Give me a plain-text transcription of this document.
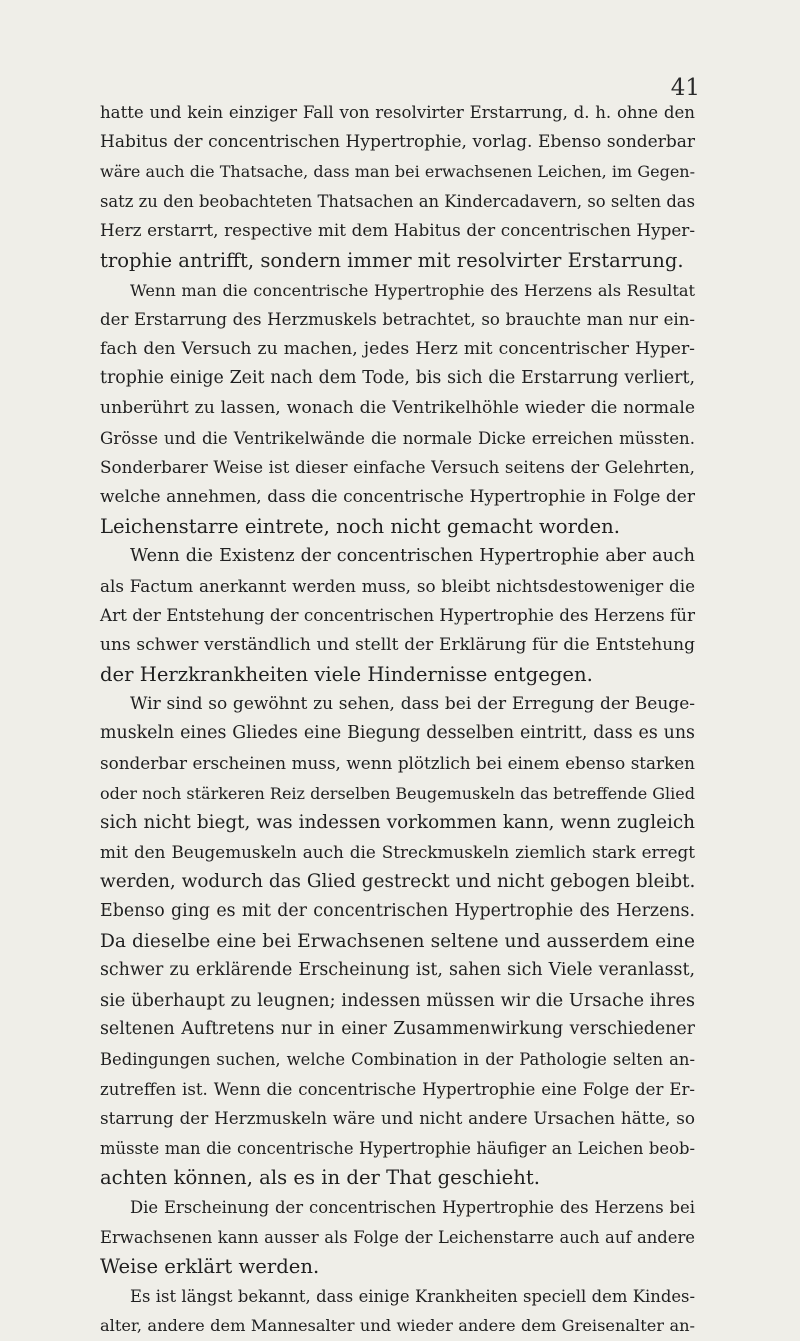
41
hatte und kein einziger Fall von resolvirter Erstarrung, d. h. ohne den
Habitus der concentrischen Hypertrophie, vorlag. Ebenso sonderbar
wäre auch die Thatsache, dass man bei erwachsenen Leichen, im Gegen-
satz zu den beobachteten Thatsachen an Kindercadavern, so selten das
Herz erstarrt, respective mit dem Habitus der concentrischen Hyper-
trophie antrifft, sondern immer mit resolvirter Erstarrung.
Wenn man die concentrische Hypertrophie des Herzens als Resultat
der Erstarrung des Herzmuskels betrachtet, so brauchte man nur ein-
fach den Versuch zu machen, jedes Herz mit concentrischer Hyper-
trophie einige Zeit nach dem Tode, bis sich die Erstarrung verliert,
unberührt zu lassen, wonach die Ventrikelhöhle wieder die normale
Grösse und die Ventrikelwände die normale Dicke erreichen müssten.
Sonderbarer Weise ist dieser einfache Versuch seitens der Gelehrten,
welche annehmen, dass die concentrische Hypertrophie in Folge der
Leichenstarre eintrete, noch nicht gemacht worden.
Wenn die Existenz der concentrischen Hypertrophie aber auch
als Factum anerkannt werden muss, so bleibt nichtsdestoweniger die
Art der Entstehung der concentrischen Hypertrophie des Herzens für
uns schwer verständlich und stellt der Erklärung für die Entstehung
der Herzkrankheiten viele Hindernisse entgegen.
Wir sind so gewöhnt zu sehen, dass bei der Erregung der Beuge-
muskeln eines Gliedes eine Biegung desselben eintritt, dass es uns
sonderbar erscheinen muss, wenn plötzlich bei einem ebenso starken
oder noch stärkeren Reiz derselben Beugemuskeln das betreffende Glied
sich nicht biegt, was indessen vorkommen kann, wenn zugleich
mit den Beugemuskeln auch die Streckmuskeln ziemlich stark erregt
werden, wodurch das Glied gestreckt und nicht gebogen bleibt.
Ebenso ging es mit der concentrischen Hypertrophie des Herzens.
Da dieselbe eine bei Erwachsenen seltene und ausserdem eine
schwer zu erklärende Erscheinung ist, sahen sich Viele veranlasst,
sie überhaupt zu leugnen; indessen müssen wir die Ursache ihres
seltenen Auftretens nur in einer Zusammenwirkung verschiedener
Bedingungen suchen, welche Combination in der Pathologie selten an-
zutreffen ist. Wenn die concentrische Hypertrophie eine Folge der Er-
starrung der Herzmuskeln wäre und nicht andere Ursachen hätte, so
müsste man die concentrische Hypertrophie häufiger an Leichen beob-
achten können, als es in der That geschieht.
Die Erscheinung der concentrischen Hypertrophie des Herzens bei
Erwachsenen kann ausser als Folge der Leichenstarre auch auf andere
Weise erklärt werden.
Es ist längst bekannt, dass einige Krankheiten speciell dem Kindes-
alter, andere dem Mannesalter und wieder andere dem Greisenalter an-
